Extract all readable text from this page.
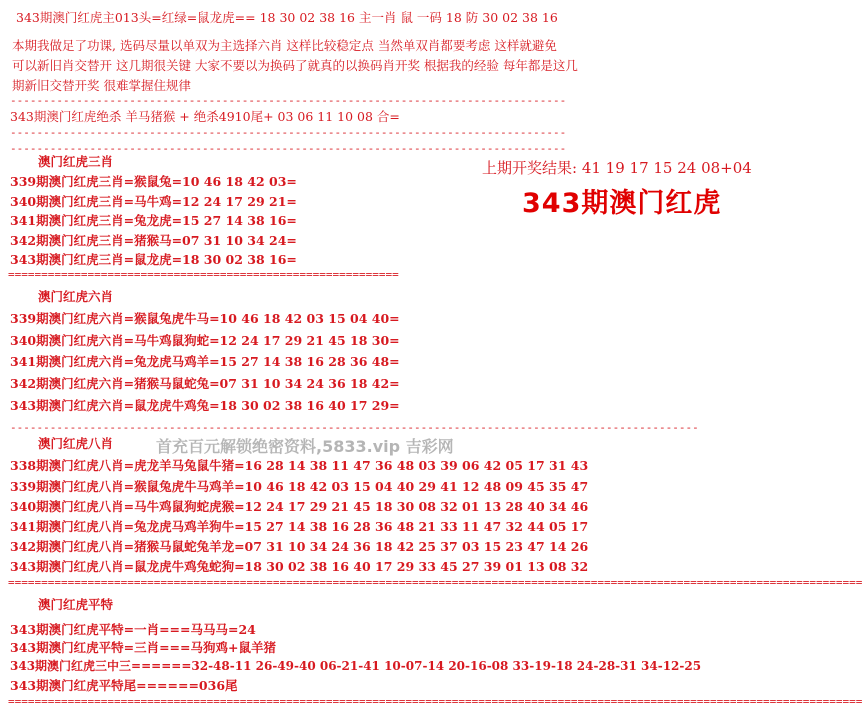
343期澳门红虎主013头=红绿=鼠龙虎== 18 30 02 38 16 主一肖 鼠 一码 18 防 30 02 38 16
本期我做足了功课, 选码尽量以单双为主选择六肖 这样比较稳定点 当然单双肖都要考虑 这样就避免
可以新旧肖交替开 这几期很关键 大家不要以为换码了就真的以换码肖开奖 根据我的经验 每年都是这几
期新旧交替开奖 很难掌握住规律
------------------------------------------------------------------------------------
343期澳门红虎绝杀 羊马猪猴 + 绝杀4910尾+ 03 06 11 10 08 合=
------------------------------------------------------------------------------------
------------------------------------------------------------------------------------
上期开奖结果: 41 19 17 15 24 08+04
343期澳门红虎
澳门红虎三肖
339期澳门红虎三肖=猴鼠兔=10 46 18 42 03=
340期澳门红虎三肖=马牛鸡=12 24 17 29 21=
341期澳门红虎三肖=兔龙虎=15 27 14 38 16=
342期澳门红虎三肖=猪猴马=07 31 10 34 24=
343期澳门红虎三肖=鼠龙虎=18 30 02 38 16=
===========================================================
澳门红虎六肖
339期澳门红虎六肖=猴鼠兔虎牛马=10 46 18 42 03 15 04 40=
340期澳门红虎六肖=马牛鸡鼠狗蛇=12 24 17 29 21 45 18 30=
341期澳门红虎六肖=兔龙虎马鸡羊=15 27 14 38 16 28 36 48=
342期澳门红虎六肖=猪猴马鼠蛇兔=07 31 10 34 24 36 18 42=
343期澳门红虎六肖=鼠龙虎牛鸡兔=18 30 02 38 16 40 17 29=
--------------------------------------------------------------------------------------------------------
澳门红虎八肖	首充百元解锁绝密资料,5833.vip 吉彩网
338期澳门红虎八肖=虎龙羊马兔鼠牛猪=16 28 14 38 11 47 36 48 03 39 06 42 05 17 31 43
339期澳门红虎八肖=猴鼠兔虎牛马鸡羊=10 46 18 42 03 15 04 40 29 41 12 48 09 45 35 47
340期澳门红虎八肖=马牛鸡鼠狗蛇虎猴=12 24 17 29 21 45 18 30 08 32 01 13 28 40 34 46
341期澳门红虎八肖=兔龙虎马鸡羊狗牛=15 27 14 38 16 28 36 48 21 33 11 47 32 44 05 17
342期澳门红虎八肖=猪猴马鼠蛇兔羊龙=07 31 10 34 24 36 18 42 25 37 03 15 23 47 14 26
343期澳门红虎八肖=鼠龙虎牛鸡兔蛇狗=18 30 02 38 16 40 17 29 33 45 27 39 01 13 08 32
=================================================================================================================================
澳门红虎平特
343期澳门红虎平特=一肖===马马马=24
343期澳门红虎平特=三肖===马狗鸡+鼠羊猪
343期澳门红虎三中三======32-48-11 26-49-40 06-21-41 10-07-14 20-16-08 33-19-18 24-28-31 34-12-25
343期澳门红虎平特尾======036尾
=================================================================================================================================
